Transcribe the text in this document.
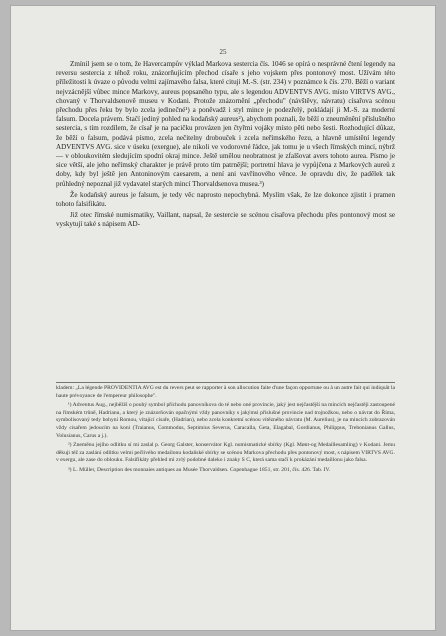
25

Zmínil jsem se o tom, že Havercampův výklad Markova sestercia čís. 1046 se opírá o nesprávné čtení legendy na reversu sestercia z téhož roku, znázorňujícím přechod císaře s jeho vojskem přes pontonový most. Užívám této příležitosti k úvaze o původu velmi zajímavého falsa, které cituji M.-S. (str. 234) v poznámce k čís. 270. Běží o variant nejvzácnější vůbec mince Markovy, aureus popsaného typu, ale s legendou ADVENTVS AVG. místo VIRTVS AVG., chovaný v Thorvaldsenově museu v Kodani. Protože znázornění „přechodu" (návštěvy, návratu) císařova scénou přechodu přes řeku by bylo zcela jedinečné¹) a poněvadž i styl mince je podezřelý, pokládají ji M.-S. za moderní falsum. Docela právem. Stačí jediný pohled na kodaňský aureus²), abychom poznali, že běží o zneuměnění příslušného sestercia, s tím rozdílem, že císař je na pacičku provázen jen čtyřmi vojáky místo pěti nebo šesti. Rozhodující důkaz, že běží o falsum, podává písmo, zcela nečitelny drobouček i zcela neřímského řezu, a hlavně umístění legendy ADVENTVS AVG. sice v úseku (exergue), ale nikoli ve vodorovné řádce, jak tomu je u všech římských mincí, nýbrž — v obloukovitém sledujícím spodní okraj mince. Ještě umělou neobratnost je zfalšovat avers tohoto aurea. Písmo je sice větší, ale jeho neřímský charakter je právě proto tím patrnější; portretní hlava je vypůjčena z Markových aureů z doby, kdy byl ještě jen Antoninovým caesarem, a není ani vavřínového věnce. Je opravdu div, že padělek tak průhledný nepoznal již vydavatel starých mincí Thorvaldsenova musea.³)

Že kodaňský aureus je falsum, je tedy věc naprosto nepochybná. Myslím však, že lze dokonce zjistit i pramen tohoto falsifikátu.

Již otec římské numismatiky, Vaillant, napsal, že sestercie se scénou císařova přechodu přes pontonový most se vyskytují také s nápisem AD-

kladem: „La légende PROVIDENTIA AVG est du revers peut se rapporter à son allocution faite d'une façon opportune ou à un autre fait qui indiquât la haute prévoyance de l'empereur philosophe".

¹) Adventus Aug., nejběžíš o pouhý symbol příchodu panovníkova do té nebo oné provincie, jaký jest nejčastější na mincích nejčastěji zastoupené na římském trůně, Hadrianu, a který je znázorňován opačnými vždy panovníky s jakýmsi příslušné provincie nad trojnožkou, nebo o návrat do Říma, symbolisovaný tedy bohyní Romou, vítající císaře, (Hadrian), nebo zcela konkretní scénou vítězného návratu (M. Aurelius), je na mincích zobrazován vždy císařem jedoucím na koni (Traianus, Commodus, Septimius Severus, Caracalla, Geta, Elagabal, Gordianus, Philippus, Trebonianus Gallus, Volusianus, Carus a j.).

²) Zneměnu jejího odlitku sí mi zaslal p. Georg Galster, konservátor Kgl. numismatické sbírky (Kgl. Mønt-og Medaillesamling) v Kodani. Jemu děkuji též za zaslání odlitku velmi pečlivého medailonu kodaňské sbírky se scénou Markova přechodu přes pontonový most, s nápisem VIRTVS AVG. v exergu, ale zase do oblouku. Falsifikáty přehled mi zvlý podobné daleko i znaky S C, která sama stačí k prokázání medaillonu jako falsa.

³) L. Müller, Description des monnaies antiques au Musée Thorvaldsen. Copenhague 1851, str. 201, čís. 426. Tab. IV.
